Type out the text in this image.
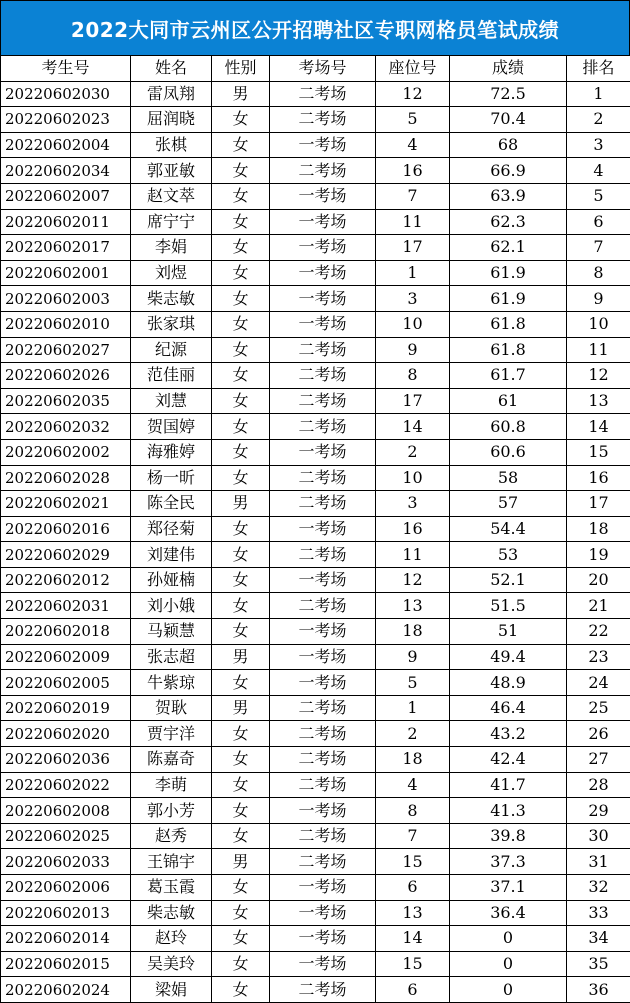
2022大同市云州区公开招聘社区专职网格员笔试成绩
考生号	姓名	性别	考场号	座位号	成绩	排名
20220602030	雷凤翔	男	二考场	12	72.5	1
20220602023	屈润晓	女	二考场	5	70.4	2
20220602004	张棋	女	一考场	4	68	3
20220602034	郭亚敏	女	二考场	16	66.9	4
20220602007	赵文萃	女	一考场	7	63.9	5
20220602011	席宁宁	女	一考场	11	62.3	6
20220602017	李娟	女	一考场	17	62.1	7
20220602001	刘煜	女	一考场	1	61.9	8
20220602003	柴志敏	女	一考场	3	61.9	9
20220602010	张家琪	女	一考场	10	61.8	10
20220602027	纪源	女	二考场	9	61.8	11
20220602026	范佳丽	女	二考场	8	61.7	12
20220602035	刘慧	女	二考场	17	61	13
20220602032	贺国婷	女	二考场	14	60.8	14
20220602002	海雅婷	女	一考场	2	60.6	15
20220602028	杨一昕	女	二考场	10	58	16
20220602021	陈全民	男	二考场	3	57	17
20220602016	郑径菊	女	一考场	16	54.4	18
20220602029	刘建伟	女	二考场	11	53	19
20220602012	孙娅楠	女	一考场	12	52.1	20
20220602031	刘小娥	女	二考场	13	51.5	21
20220602018	马颖慧	女	一考场	18	51	22
20220602009	张志超	男	一考场	9	49.4	23
20220602005	牛紫琼	女	一考场	5	48.9	24
20220602019	贺耿	男	二考场	1	46.4	25
20220602020	贾宇洋	女	二考场	2	43.2	26
20220602036	陈嘉奇	女	二考场	18	42.4	27
20220602022	李萌	女	二考场	4	41.7	28
20220602008	郭小芳	女	一考场	8	41.3	29
20220602025	赵秀	女	二考场	7	39.8	30
20220602033	王锦宇	男	二考场	15	37.3	31
20220602006	葛玉霞	女	一考场	6	37.1	32
20220602013	柴志敏	女	一考场	13	36.4	33
20220602014	赵玲	女	一考场	14	0	34
20220602015	吴美玲	女	一考场	15	0	35
20220602024	梁娟	女	二考场	6	0	36
